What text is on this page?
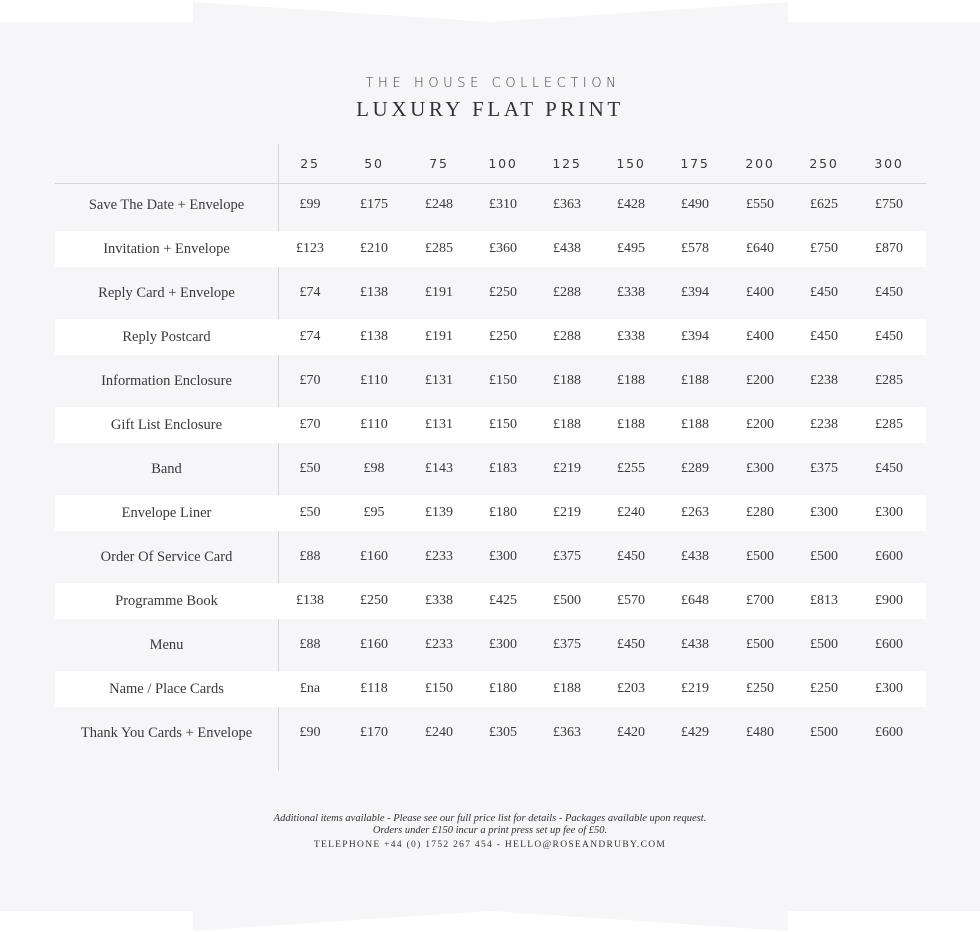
THE HOUSE COLLECTION
LUXURY FLAT PRINT
25	50	75	100	125	150	175	200	250	300
Save The Date + Envelope	£99	£175	£248	£310	£363	£428	£490	£550	£625	£750
Invitation + Envelope	£123	£210	£285	£360	£438	£495	£578	£640	£750	£870
Reply Card + Envelope	£74	£138	£191	£250	£288	£338	£394	£400	£450	£450
Reply Postcard	£74	£138	£191	£250	£288	£338	£394	£400	£450	£450
Information Enclosure	£70	£110	£131	£150	£188	£188	£188	£200	£238	£285
Gift List Enclosure	£70	£110	£131	£150	£188	£188	£188	£200	£238	£285
Band	£50	£98	£143	£183	£219	£255	£289	£300	£375	£450
Envelope Liner	£50	£95	£139	£180	£219	£240	£263	£280	£300	£300
Order Of Service Card	£88	£160	£233	£300	£375	£450	£438	£500	£500	£600
Programme Book	£138	£250	£338	£425	£500	£570	£648	£700	£813	£900
Menu	£88	£160	£233	£300	£375	£450	£438	£500	£500	£600
Name / Place Cards	£na	£118	£150	£180	£188	£203	£219	£250	£250	£300
Thank You Cards + Envelope	£90	£170	£240	£305	£363	£420	£429	£480	£500	£600
Additional items available - Please see our full price list for details - Packages available upon request.
Orders under £150 incur a print press set up fee of £50.
TELEPHONE +44 (0) 1752 267 454 - HELLO@ROSEANDRUBY.COM
